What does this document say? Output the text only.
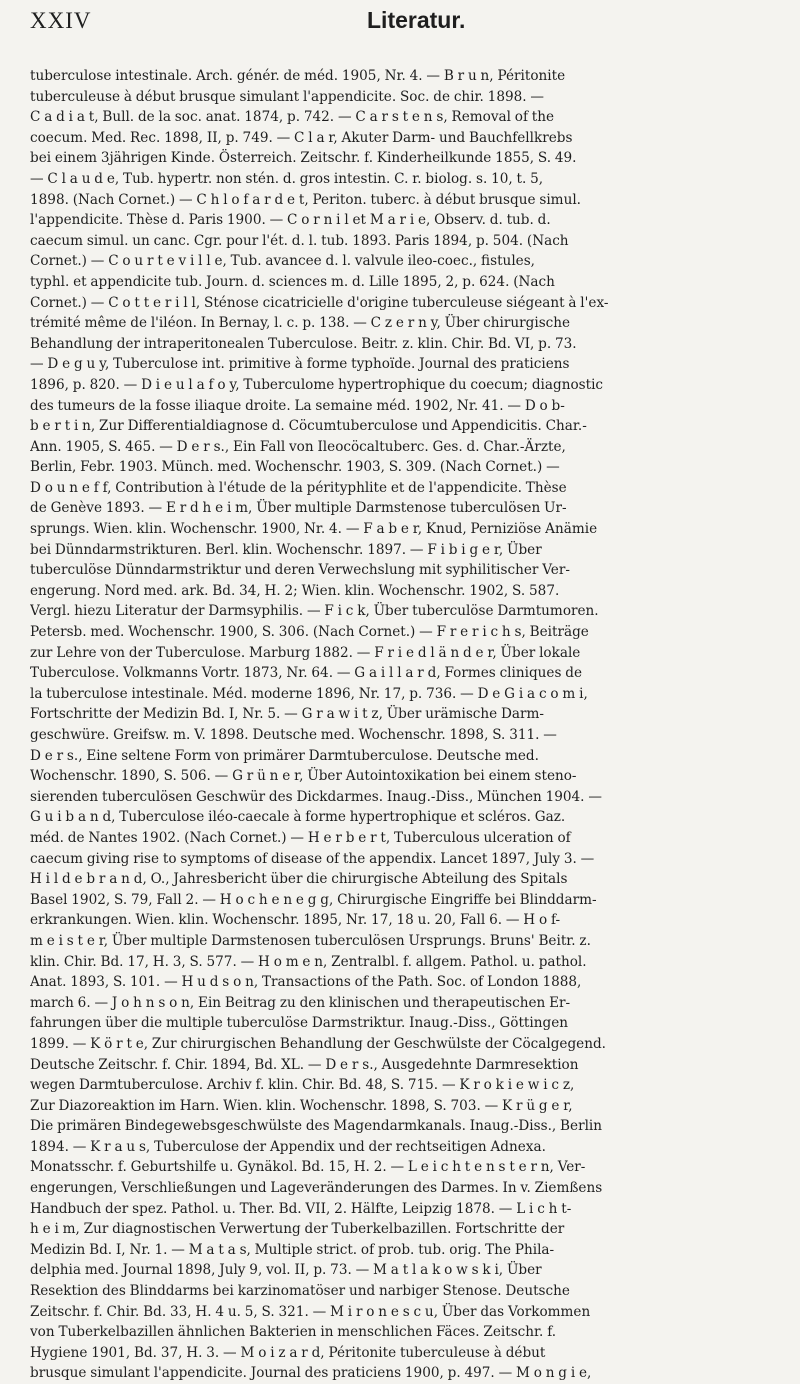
XXIV	Literatur.
tuberculose intestinale. Arch. génér. de méd. 1905, Nr. 4. — B r u n, Péritonite
tuberculeuse à début brusque simulant l'appendicite. Soc. de chir. 1898. —
C a d i a t, Bull. de la soc. anat. 1874, p. 742. — C a r s t e n s, Removal of the
coecum. Med. Rec. 1898, II, p. 749. — C l a r, Akuter Darm- und Bauchfellkrebs
bei einem 3jährigen Kinde. Österreich. Zeitschr. f. Kinderheilkunde 1855, S. 49.
— C l a u d e, Tub. hypertr. non stén. d. gros intestin. C. r. biolog. s. 10, t. 5,
1898. (Nach Cornet.) — C h l o f a r d e t, Periton. tuberc. à début brusque simul.
l'appendicite. Thèse d. Paris 1900. — C o r n i l et M a r i e, Observ. d. tub. d.
caecum simul. un canc. Cgr. pour l'ét. d. l. tub. 1893. Paris 1894, p. 504. (Nach
Cornet.) — C o u r t e v i l l e, Tub. avancee d. l. valvule ileo-coec., fistules,
typhl. et appendicite tub. Journ. d. sciences m. d. Lille 1895, 2, p. 624. (Nach
Cornet.) — C o t t e r i l l, Sténose cicatricielle d'origine tuberculeuse siégeant à l'ex-
trémité même de l'iléon. In Bernay, l. c. p. 138. — C z e r n y, Über chirurgische
Behandlung der intraperitonealen Tuberculose. Beitr. z. klin. Chir. Bd. VI, p. 73.
— D e g u y, Tuberculose int. primitive à forme typhoïde. Journal des praticiens
1896, p. 820. — D i e u l a f o y, Tuberculome hypertrophique du coecum; diagnostic
des tumeurs de la fosse iliaque droite. La semaine méd. 1902, Nr. 41. — D o b-
b e r t i n, Zur Differentialdiagnose d. Cöcumtuberculose und Appendicitis. Char.-
Ann. 1905, S. 465. — D e r s., Ein Fall von Ileocöcaltuberc. Ges. d. Char.-Ärzte,
Berlin, Febr. 1903. Münch. med. Wochenschr. 1903, S. 309. (Nach Cornet.) —
D o u n e f f, Contribution à l'étude de la pérityphlite et de l'appendicite. Thèse
de Genève 1893. — E r d h e i m, Über multiple Darmstenose tuberculösen Ur-
sprungs. Wien. klin. Wochenschr. 1900, Nr. 4. — F a b e r, Knud, Perniziöse Anämie
bei Dünndarmstrikturen. Berl. klin. Wochenschr. 1897. — F i b i g e r, Über
tuberculöse Dünndarmstriktur und deren Verwechslung mit syphilitischer Ver-
engerung. Nord med. ark. Bd. 34, H. 2; Wien. klin. Wochenschr. 1902, S. 587.
Vergl. hiezu Literatur der Darmsyphilis. — F i c k, Über tuberculöse Darmtumoren.
Petersb. med. Wochenschr. 1900, S. 306. (Nach Cornet.) — F r e r i c h s, Beiträge
zur Lehre von der Tuberculose. Marburg 1882. — F r i e d l ä n d e r, Über lokale
Tuberculose. Volkmanns Vortr. 1873, Nr. 64. — G a i l l a r d, Formes cliniques de
la tuberculose intestinale. Méd. moderne 1896, Nr. 17, p. 736. — D e G i a c o m i,
Fortschritte der Medizin Bd. I, Nr. 5. — G r a w i t z, Über urämische Darm-
geschwüre. Greifsw. m. V. 1898. Deutsche med. Wochenschr. 1898, S. 311. —
D e r s., Eine seltene Form von primärer Darmtuberculose. Deutsche med.
Wochenschr. 1890, S. 506. — G r ü n e r, Über Autointoxikation bei einem steno-
sierenden tuberculösen Geschwür des Dickdarmes. Inaug.-Diss., München 1904. —
G u i b a n d, Tuberculose iléo-caecale à forme hypertrophique et scléros. Gaz.
méd. de Nantes 1902. (Nach Cornet.) — H e r b e r t, Tuberculous ulceration of
caecum giving rise to symptoms of disease of the appendix. Lancet 1897, July 3. —
H i l d e b r a n d, O., Jahresbericht über die chirurgische Abteilung des Spitals
Basel 1902, S. 79, Fall 2. — H o c h e n e g g, Chirurgische Eingriffe bei Blinddarm-
erkrankungen. Wien. klin. Wochenschr. 1895, Nr. 17, 18 u. 20, Fall 6. — H o f-
m e i s t e r, Über multiple Darmstenosen tuberculösen Ursprungs. Bruns' Beitr. z.
klin. Chir. Bd. 17, H. 3, S. 577. — H o m e n, Zentralbl. f. allgem. Pathol. u. pathol.
Anat. 1893, S. 101. — H u d s o n, Transactions of the Path. Soc. of London 1888,
march 6. — J o h n s o n, Ein Beitrag zu den klinischen und therapeutischen Er-
fahrungen über die multiple tuberculöse Darmstriktur. Inaug.-Diss., Göttingen
1899. — K ö r t e, Zur chirurgischen Behandlung der Geschwülste der Cöcalgegend.
Deutsche Zeitschr. f. Chir. 1894, Bd. XL. — D e r s., Ausgedehnte Darmresektion
wegen Darmtuberculose. Archiv f. klin. Chir. Bd. 48, S. 715. — K r o k i e w i c z,
Zur Diazoreaktion im Harn. Wien. klin. Wochenschr. 1898, S. 703. — K r ü g e r,
Die primären Bindegewebsgeschwülste des Magendarmkanals. Inaug.-Diss., Berlin
1894. — K r a u s, Tuberculose der Appendix und der rechtseitigen Adnexa.
Monatsschr. f. Geburtshilfe u. Gynäkol. Bd. 15, H. 2. — L e i c h t e n s t e r n, Ver-
engerungen, Verschließungen und Lageveränderungen des Darmes. In v. Ziemßens
Handbuch der spez. Pathol. u. Ther. Bd. VII, 2. Hälfte, Leipzig 1878. — L i c h t-
h e i m, Zur diagnostischen Verwertung der Tuberkelbazillen. Fortschritte der
Medizin Bd. I, Nr. 1. — M a t a s, Multiple strict. of prob. tub. orig. The Phila-
delphia med. Journal 1898, July 9, vol. II, p. 73. — M a t l a k o w s k i, Über
Resektion des Blinddarms bei karzinomatöser und narbiger Stenose. Deutsche
Zeitschr. f. Chir. Bd. 33, H. 4 u. 5, S. 321. — M i r o n e s c u, Über das Vorkommen
von Tuberkelbazillen ähnlichen Bakterien in menschlichen Fäces. Zeitschr. f.
Hygiene 1901, Bd. 37, H. 3. — M o i z a r d, Péritonite tuberculeuse à début
brusque simulant l'appendicite. Journal des praticiens 1900, p. 497. — M o n g i e,
